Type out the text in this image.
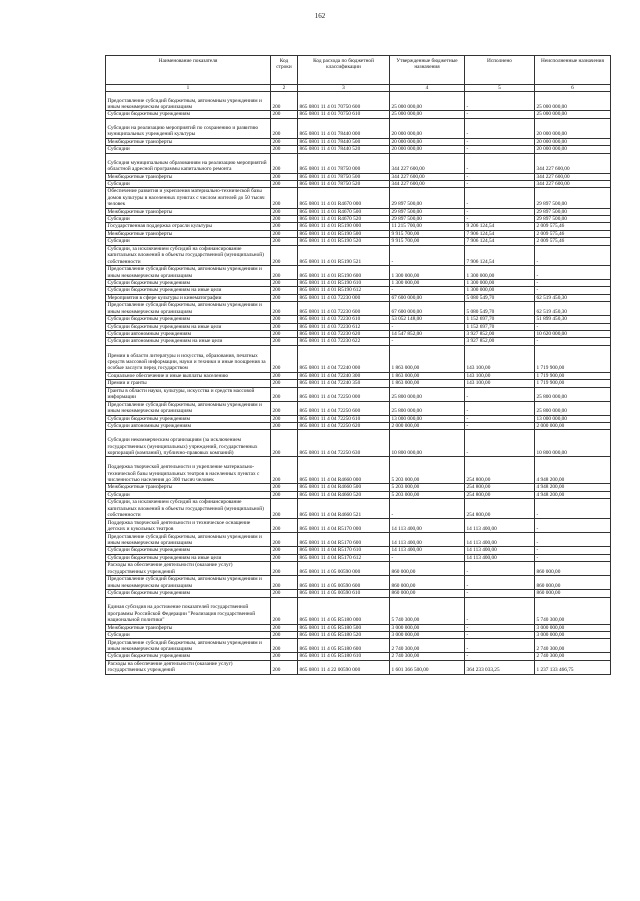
162
Наименование показателя	Код строки	Код расхода по бюджетной классификации	Утвержденные бюджетные назначения	Исполнено	Неисполненные назначения
1	2	3	4	5	6
Предоставление субсидий бюджетным, автономным учреждениям и иным некоммерческим организациям	200	865 0801 11 4 01 70750 600	25 000 000,00	-	25 000 000,00
Субсидии бюджетным учреждениям	200	865 0801 11 4 01 70750 610	25 000 000,00	-	25 000 000,00
Субсидии на реализацию мероприятий по сохранению и развитию муниципальных учреждений культуры	200	865 0801 11 4 01 78440 000	20 000 000,00	-	20 000 000,00
Межбюджетные трансферты	200	865 0801 11 4 01 78440 500	20 000 000,00	-	20 000 000,00
Субсидии	200	865 0801 11 4 01 78440 520	20 000 000,00	-	20 000 000,00
Субсидия муниципальным образованиям на реализацию мероприятий областной адресной программы капитального ремонта	200	865 0801 11 4 01 78750 000	344 227 600,00	-	344 227 600,00
Межбюджетные трансферты	200	865 0801 11 4 01 78750 500	344 227 600,00	-	344 227 600,00
Субсидии	200	865 0801 11 4 01 78750 520	344 227 600,00	-	344 227 600,00
Обеспечение развития и укрепления материально-технической базы домов культуры в населенных пунктах с числом жителей до 50 тысяч человек	200	865 0801 11 4 01 R4670 000	29 897 500,00	-	29 897 500,00
Межбюджетные трансферты	200	865 0801 11 4 01 R4670 500	29 897 500,00	-	29 897 500,00
Субсидии	200	865 0801 11 4 01 R4670 520	29 897 500,00	-	29 897 500,00
Государственная поддержка отрасли культуры	200	865 0801 11 4 01 R5190 000	11 215 700,00	9 206 124,54	2 009 575,46
Межбюджетные трансферты	200	865 0801 11 4 01 R5190 500	9 915 700,00	7 906 124,54	2 009 575,46
Субсидии	200	865 0801 11 4 01 R5190 520	9 915 700,00	7 906 124,54	2 009 575,46
Субсидии, за исключением субсидий на софинансирование капитальных вложений в объекты государственной (муниципальной) собственности	200	865 0801 11 4 01 R5190 521	-	7 906 124,54	-
Предоставление субсидий бюджетным, автономным учреждениям и иным некоммерческим организациям	200	865 0801 11 4 01 R5190 600	1 300 000,00	1 300 000,00	-
Субсидии бюджетным учреждениям	200	865 0801 11 4 01 R5190 610	1 300 000,00	1 300 000,00	-
Субсидии бюджетным учреждениям на иные цели	200	865 0801 11 4 01 R5190 612	-	1 300 000,00	-
Мероприятия в сфере культуры и кинематографии	200	865 0801 11 4 03 72230 000	67 600 000,00	5 080 549,70	62 519 450,30
Предоставление субсидий бюджетным, автономным учреждениям и иным некоммерческим организациям	200	865 0801 11 4 03 72230 600	67 600 000,00	5 080 549,70	62 519 450,30
Субсидии бюджетным учреждениям	200	865 0801 11 4 03 72230 610	53 052 148,00	1 152 697,70	51 899 450,30
Субсидии бюджетным учреждениям на иные цели	200	865 0801 11 4 03 72230 612	-	1 152 697,70	-
Субсидии автономным учреждениям	200	865 0801 11 4 03 72230 620	14 547 852,00	3 927 852,00	10 620 000,00
Субсидии автономным учреждениям на иные цели	200	865 0801 11 4 03 72230 622	-	3 927 852,00	-
Премии в области литературы и искусства, образования, печатных средств массовой информации, науки и техники и иные поощрения за особые заслуги перед государством	200	865 0801 11 4 04 72240 000	1 863 000,00	143 100,00	1 719 900,00
Социальное обеспечение и иные выплаты населению	200	865 0801 11 4 04 72240 300	1 863 000,00	143 100,00	1 719 900,00
Премии и гранты	200	865 0801 11 4 04 72240 350	1 863 000,00	143 100,00	1 719 900,00
Гранты в области науки, культуры, искусства и средств массовой информации	200	865 0801 11 4 04 72250 000	25 800 000,00	-	25 800 000,00
Предоставление субсидий бюджетным, автономным учреждениям и иным некоммерческим организациям	200	865 0801 11 4 04 72250 600	25 800 000,00	-	25 800 000,00
Субсидии бюджетным учреждениям	200	865 0801 11 4 04 72250 610	13 000 000,00	-	13 000 000,00
Субсидии автономным учреждениям	200	865 0801 11 4 04 72250 620	2 000 000,00	-	2 000 000,00
Субсидии некоммерческим организациям (за исключением государственных (муниципальных) учреждений, государственных корпораций (компаний), публично-правовых компаний)	200	865 0801 11 4 04 72250 630	10 800 000,00	-	10 800 000,00
Поддержка творческой деятельности и укрепление материально-технической базы муниципальных театров в населенных пунктах с численностью населения до 300 тысяч человек	200	865 0801 11 4 04 R4660 000	5 203 000,00	254 800,00	4 948 200,00
Межбюджетные трансферты	200	865 0801 11 4 04 R4660 500	5 203 000,00	254 800,00	4 948 200,00
Субсидии	200	865 0801 11 4 04 R4660 520	5 203 000,00	254 800,00	4 948 200,00
Субсидии, за исключением субсидий на софинансирование капитальных вложений в объекты государственной (муниципальной) собственности	200	865 0801 11 4 04 R4660 521	-	254 800,00	-
Поддержка творческой деятельности и техническое оснащение детских и кукольных театров	200	865 0801 11 4 04 R5170 000	14 113 400,00	14 113 400,00	-
Предоставление субсидий бюджетным, автономным учреждениям и иным некоммерческим организациям	200	865 0801 11 4 04 R5170 600	14 113 400,00	14 113 400,00	-
Субсидии бюджетным учреждениям	200	865 0801 11 4 04 R5170 610	14 113 400,00	14 113 400,00	-
Субсидии бюджетным учреждениям на иные цели	200	865 0801 11 4 04 R5170 612	-	14 113 400,00	-
Расходы на обеспечение деятельности (оказание услуг) государственных учреждений	200	865 0801 11 4 05 00590 000	860 000,00	-	860 000,00
Предоставление субсидий бюджетным, автономным учреждениям и иным некоммерческим организациям	200	865 0801 11 4 05 00590 600	860 000,00	-	860 000,00
Субсидии бюджетным учреждениям	200	865 0801 11 4 05 00590 610	860 000,00	-	860 000,00
Единая субсидия на достижение показателей государственной программы Российской Федерации "Реализация государственной национальной политики"	200	865 0801 11 4 05 R5180 000	5 740 300,00	-	5 740 300,00
Межбюджетные трансферты	200	865 0801 11 4 05 R5180 500	3 000 000,00	-	3 000 000,00
Субсидии	200	865 0801 11 4 05 R5180 520	3 000 000,00	-	3 000 000,00
Предоставление субсидий бюджетным, автономным учреждениям и иным некоммерческим организациям	200	865 0801 11 4 05 R5180 600	2 740 300,00	-	2 740 300,00
Субсидии бюджетным учреждениям	200	865 0801 11 4 05 R5180 610	2 740 300,00	-	2 740 300,00
Расходы на обеспечение деятельности (оказание услуг) государственных учреждений	200	865 0801 11 4 22 00590 000	1 601 366 500,00	364 233 033,25	1 237 133 466,75
